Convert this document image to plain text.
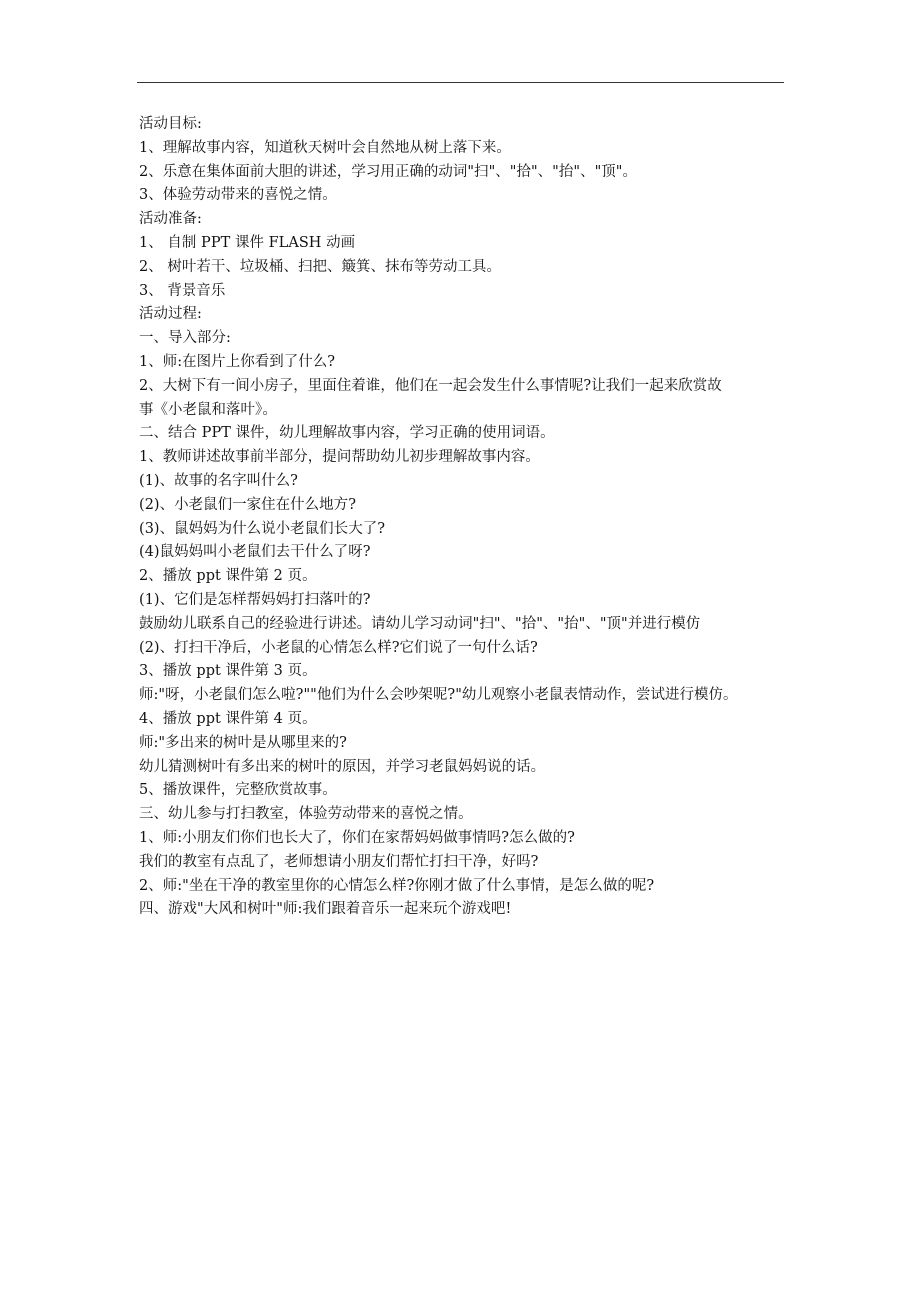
活动目标:
1、理解故事内容，知道秋天树叶会自然地从树上落下来。
2、乐意在集体面前大胆的讲述，学习用正确的动词"扫"、"拾"、"抬"、"顶"。
3、体验劳动带来的喜悦之情。
活动准备:
1、 自制 PPT 课件 FLASH 动画
2、 树叶若干、垃圾桶、扫把、簸箕、抹布等劳动工具。
3、 背景音乐
活动过程:
一、导入部分:
1、师:在图片上你看到了什么?
2、大树下有一间小房子，里面住着谁，他们在一起会发生什么事情呢?让我们一起来欣赏故
事《小老鼠和落叶》。
二、结合 PPT 课件，幼儿理解故事内容，学习正确的使用词语。
1、教师讲述故事前半部分，提问帮助幼儿初步理解故事内容。
(1)、故事的名字叫什么?
(2)、小老鼠们一家住在什么地方?
(3)、鼠妈妈为什么说小老鼠们长大了?
(4)鼠妈妈叫小老鼠们去干什么了呀?
2、播放 ppt 课件第 2 页。
(1)、它们是怎样帮妈妈打扫落叶的?
鼓励幼儿联系自己的经验进行讲述。请幼儿学习动词"扫"、"拾"、"抬"、"顶"并进行模仿
(2)、打扫干净后，小老鼠的心情怎么样?它们说了一句什么话?
3、播放 ppt 课件第 3 页。
师:"呀，小老鼠们怎么啦?""他们为什么会吵架呢?"幼儿观察小老鼠表情动作，尝试进行模仿。
4、播放 ppt 课件第 4 页。
师:"多出来的树叶是从哪里来的?
幼儿猜测树叶有多出来的树叶的原因，并学习老鼠妈妈说的话。
5、播放课件，完整欣赏故事。
三、幼儿参与打扫教室，体验劳动带来的喜悦之情。
1、师:小朋友们你们也长大了，你们在家帮妈妈做事情吗?怎么做的?
我们的教室有点乱了，老师想请小朋友们帮忙打扫干净，好吗?
2、师:"坐在干净的教室里你的心情怎么样?你刚才做了什么事情，是怎么做的呢?
四、游戏"大风和树叶"师:我们跟着音乐一起来玩个游戏吧!
